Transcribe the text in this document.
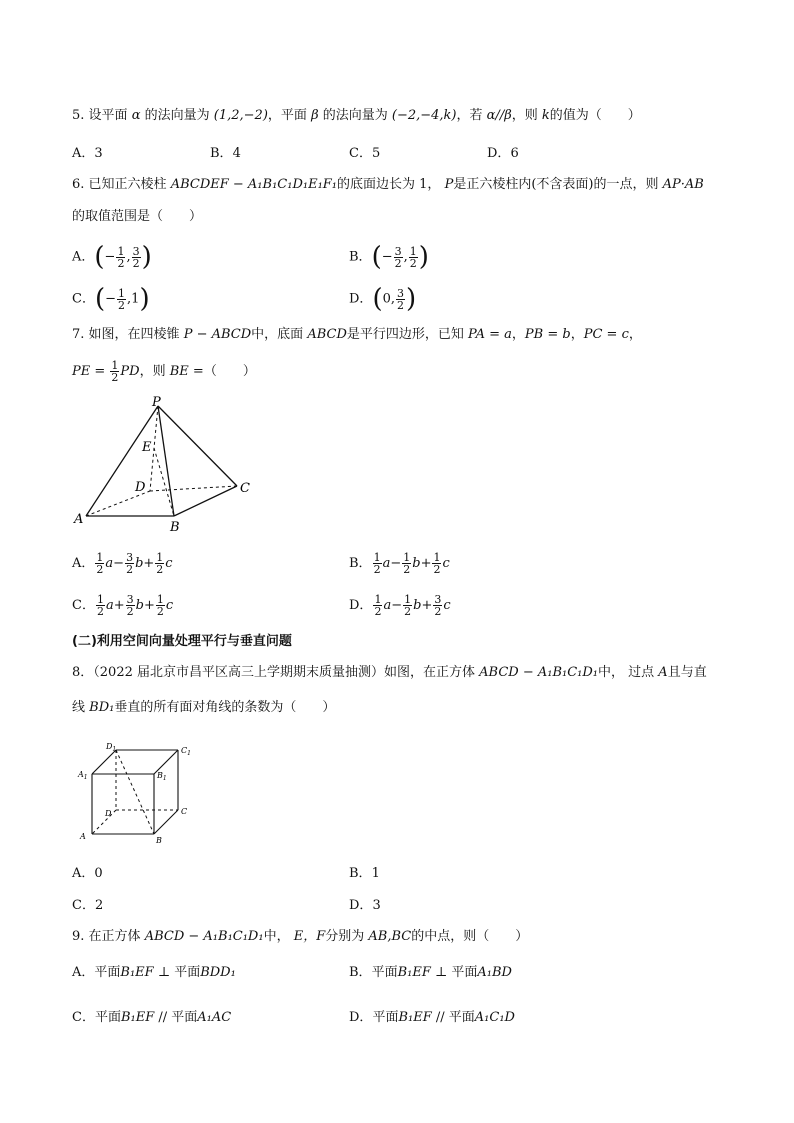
5. 设平面 α 的法向量为 (1,2,−2)，平面 β 的法向量为 (−2,−4,k)，若 α//β，则 k的值为（　　）
A．3	B．4	C．5	D．6
6. 已知正六棱柱 ABCDEF − A₁B₁C₁D₁E₁F₁的底面边长为 1， P是正六棱柱内(不含表面)的一点，则 AP·AB
的取值范围是（　　）
A．(− $\frac{1}{2}$ , $\frac{3}{2}$ )	B．(− $\frac{3}{2}$ , $\frac{1}{2}$ )
C．(− $\frac{1}{2} ,1$)	D．(0, $\frac{3}{2}$ )
7. 如图，在四棱锥 P − ABCD中，底面 ABCD是平行四边形，已知 PA = a，PB = b，PC = c，
PE = $\frac{1}{2}$ PD，则 BE =（　　）
P
E
D	C
A
B
A． $\frac{1}{2} a- \frac{3}{2} b+ \frac{1}{2}$ c	B． $\frac{1}{2} a- \frac{1}{2} b+ \frac{1}{2}$ c
C． $\frac{1}{2} a+ \frac{3}{2} b+ \frac{1}{2}$ c	D． $\frac{1}{2} a- \frac{1}{2} b+ \frac{3}{2}$ c
(二)利用空间向量处理平行与垂直问题
8．（2022 届北京市昌平区高三上学期期末质量抽测）如图，在正方体 ABCD − A₁B₁C₁D₁中， 过点 A且与直
线 BD₁垂直的所有面对角线的条数为（　　）
$D_1$	$C_1$
$A_1$	$B_1$
D	C
A	B
A．0	B．1
C．2	D．3
9. 在正方体 ABCD − A₁B₁C₁D₁中， E，F分别为 AB,BC的中点，则（　　）
A．平面B₁EF ⊥ 平面BDD₁	B．平面B₁EF ⊥ 平面A₁BD
C．平面B₁EF // 平面A₁AC	D．平面B₁EF // 平面A₁C₁D
